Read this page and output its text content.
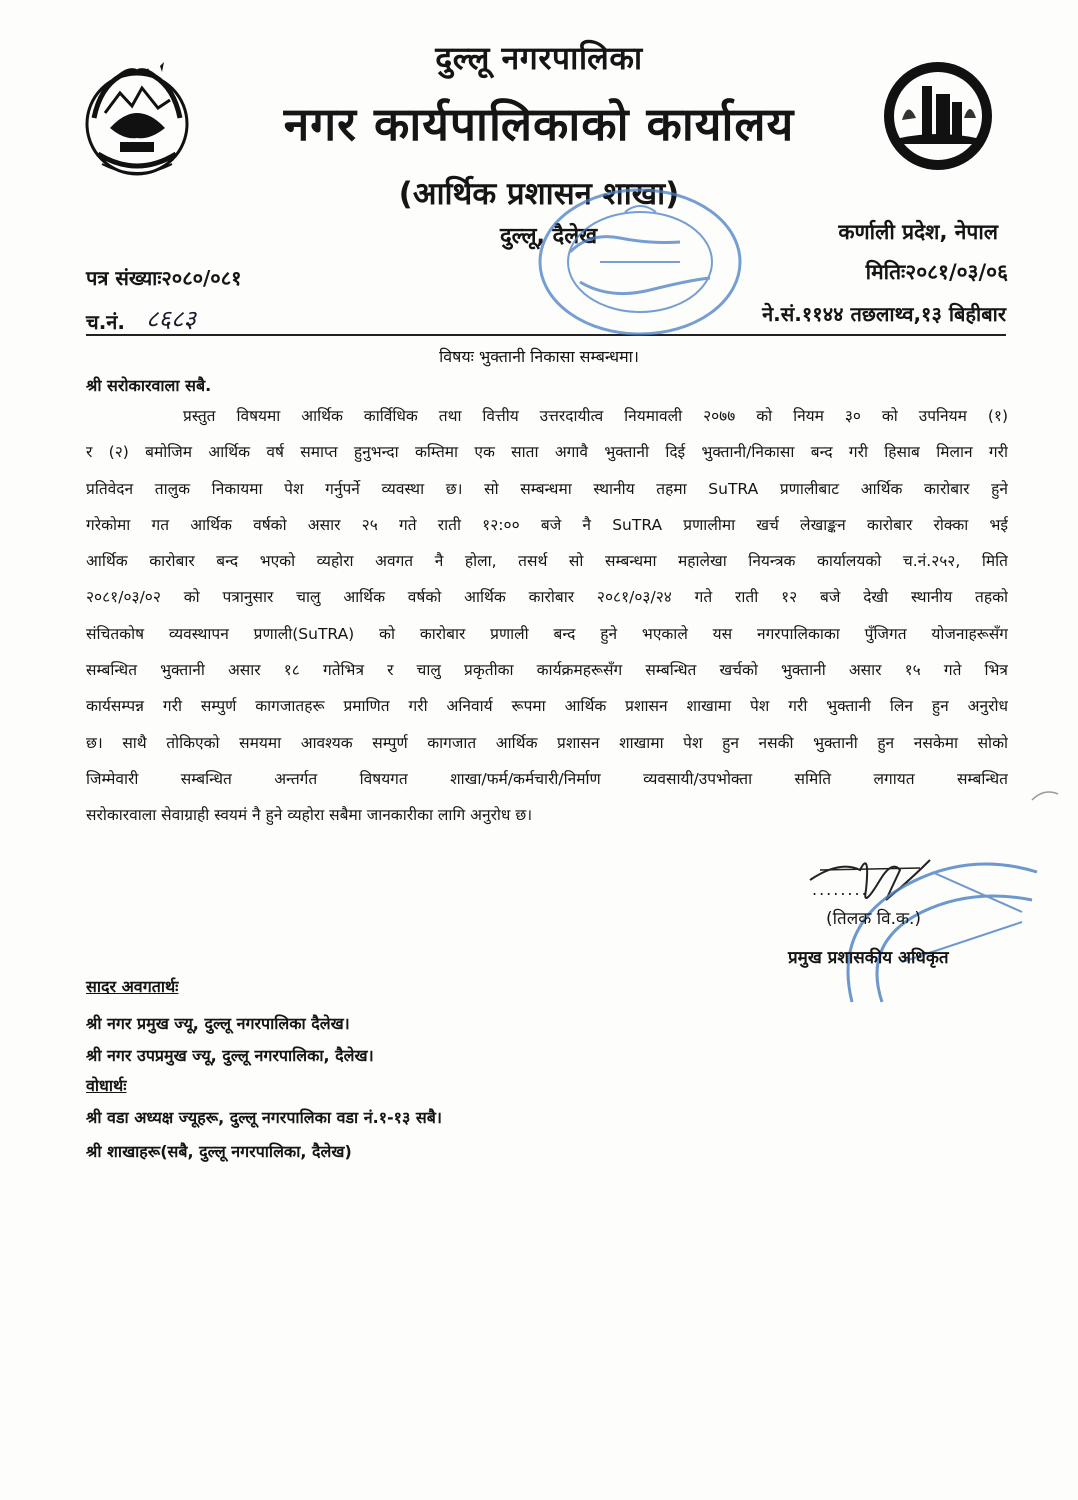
दुल्लू नगरपालिका
नगर कार्यपालिकाको कार्यालय
(आर्थिक प्रशासन शाखा)
दुल्लू, दैलेख	कर्णाली प्रदेश, नेपाल
मितिः२०८१/०३/०६
पत्र संख्याः२०८०/०८१
च.नं. ८६८३	ने.सं.११४४ तछलाथ्व,१३ बिहीबार
विषयः भुक्तानी निकासा सम्बन्धमा।
श्री सरोकारवाला सबै.
प्रस्तुत विषयमा आर्थिक कार्विधिक तथा वित्तीय उत्तरदायीत्व नियमावली २०७७ को नियम ३० को उपनियम (१)
र (२) बमोजिम आर्थिक वर्ष समाप्त हुनुभन्दा कम्तिमा एक साता अगावै भुक्तानी दिई भुक्तानी/निकासा बन्द गरी हिसाब मिलान गरी
प्रतिवेदन तालुक निकायमा पेश गर्नुपर्ने व्यवस्था छ। सो सम्बन्धमा स्थानीय तहमा SuTRA प्रणालीबाट आर्थिक कारोबार हुने
गरेकोमा गत आर्थिक वर्षको असार २५ गते राती १२:०० बजे नै SuTRA प्रणालीमा खर्च लेखाङ्कन कारोबार रोक्का भई
आर्थिक कारोबार बन्द भएको व्यहोरा अवगत नै होला, तसर्थ सो सम्बन्धमा महालेखा नियन्त्रक कार्यालयको च.नं.२५२, मिति
२०८१/०३/०२ को पत्रानुसार चालु आर्थिक वर्षको आर्थिक कारोबार २०८१/०३/२४ गते राती १२ बजे देखी स्थानीय तहको
संचितकोष व्यवस्थापन प्रणाली(SuTRA) को कारोबार प्रणाली बन्द हुने भएकाले यस नगरपालिकाका पुँजिगत योजनाहरूसँग
सम्बन्धित भुक्तानी असार १८ गतेभित्र र चालु प्रकृतीका कार्यक्रमहरूसँग सम्बन्धित खर्चको भुक्तानी असार १५ गते भित्र
कार्यसम्पन्न गरी सम्पुर्ण कागजातहरू प्रमाणित गरी अनिवार्य रूपमा आर्थिक प्रशासन शाखामा पेश गरी भुक्तानी लिन हुन अनुरोध
छ। साथै तोकिएको समयमा आवश्यक सम्पुर्ण कागजात आर्थिक प्रशासन शाखामा पेश हुन नसकी भुक्तानी हुन नसकेमा सोको
जिम्मेवारी सम्बन्धित अन्तर्गत विषयगत शाखा/फर्म/कर्मचारी/निर्माण व्यवसायी/उपभोक्ता समिति लगायत सम्बन्धित
सरोकारवाला सेवाग्राही स्वयमं नै हुने व्यहोरा सबैमा जानकारीका लागि अनुरोध छ।
........
(तिलक वि.क.)
प्रमुख प्रशासकीय अधिकृत
सादर अवगतार्थः
श्री नगर प्रमुख ज्यू, दुल्लू नगरपालिका दैलेख।
श्री नगर उपप्रमुख ज्यू, दुल्लू नगरपालिका, दैलेख।
वोधार्थः
श्री वडा अध्यक्ष ज्यूहरू, दुल्लू नगरपालिका वडा नं.१-१३ सबै।
श्री शाखाहरू(सबै, दुल्लू नगरपालिका, दैलेख)
